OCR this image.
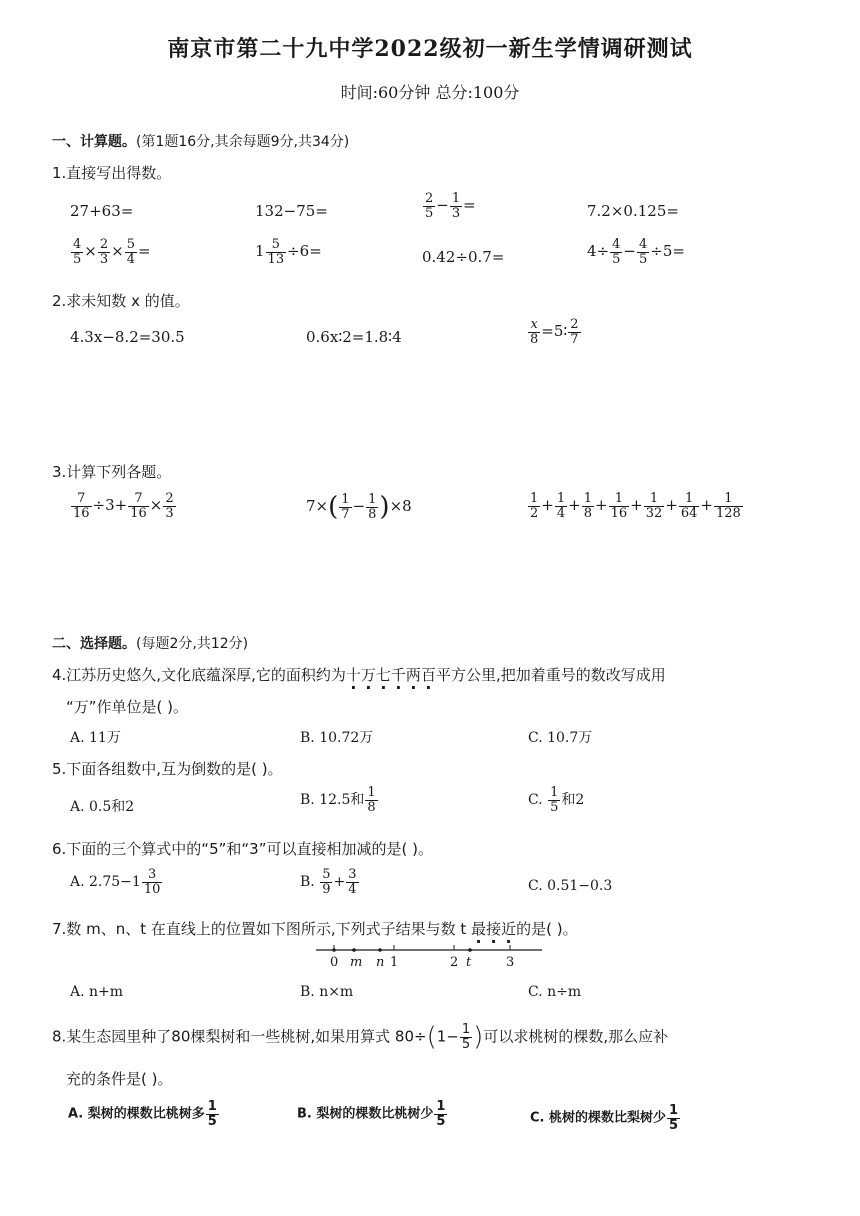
南京市第二十九中学2022级初一新生学情调研测试
时间:60分钟 总分:100分
一、计算题。(第1题16分,其余每题9分,共34分)
1.直接写出得数。
27+63=	132−75=	$\frac{2}{5} - \frac{1}{3}$ =	7.2×0.125=
$\frac{4}{5} \times \frac{2}{3} \times \frac{5}{4}$ =	$1 \frac{5}{13} \div 6=$	0.42÷0.7=	$4\div \frac{4}{5} - \frac{4}{5} \div 5=$
2.求未知数 x 的值。
4.3x−8.2=30.5	0.6x∶2=1.8∶4	$\frac{x}{8}$ =5∶ $\frac{2}{7}$
3.计算下列各题。
$\frac{7}{16} \div 3+ \frac{7}{16} \times \frac{2}{3}$	$7\times( \frac{1}{7} - \frac{1}{8} )\times 8$	$\frac{1}{2} + \frac{1}{4} + \frac{1}{8} + \frac{1}{16} + \frac{1}{32} + \frac{1}{64} + \frac{1}{128}$
二、选择题。(每题2分,共12分)
4.江苏历史悠久,文化底蕴深厚,它的面积约为十万七千两百平方公里,把加着重号的数改写成用
“万”作单位是( )。
A. 11万	B. 10.72万	C. 10.7万
5.下面各组数中,互为倒数的是( )。
A. 0.5和2	B. 12.5和 $\frac{1}{8}$	C. $\frac{1}{5}$ 和2
6.下面的三个算式中的“5”和“3”可以直接相加减的是( )。
A. $2.75-1 \frac{3}{10}$	B. $\frac{5}{9} + \frac{3}{4}$	C. 0.51−0.3
7.数 m、n、t 在直线上的位置如下图所示,下列式子结果与数 t 最接近的是( )。
0 m n 1	2 t	3
A. n+m	B. n×m	C. n÷m
8.某生态园里种了80棵梨树和一些桃树,如果用算式 $80\div(1- \frac{1}{5}$ )可以求桃树的棵数,那么应补
充的条件是( )。
A. 梨树的棵数比桃树多 $\frac{1}{5}$	B. 梨树的棵数比桃树少 $\frac{1}{5}$	C. 桃树的棵数比梨树少 $\frac{1}{5}$
